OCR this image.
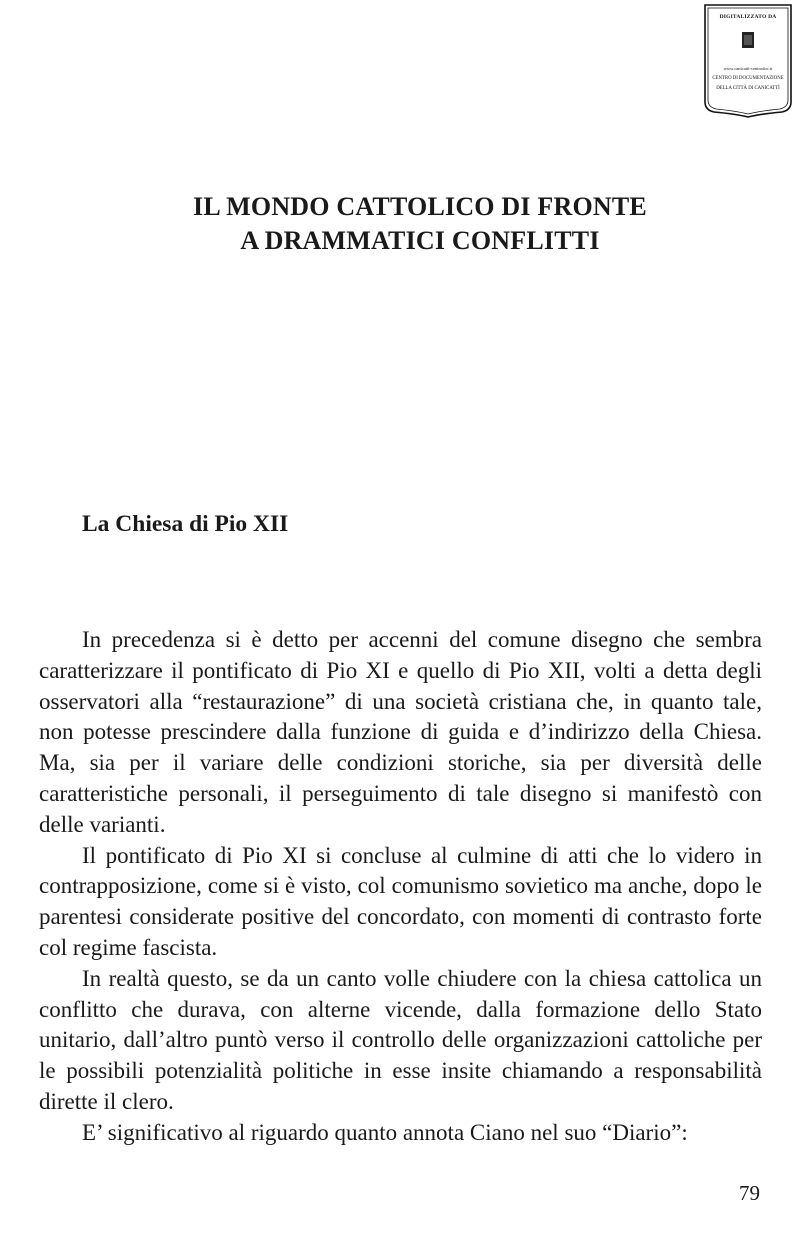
DIGITALIZZATO DA
www.canicatti-centrodoc.it
CENTRO DI DOCUMENTAZIONE
DELLA CITTÀ DI CANICATTÌ
IL MONDO CATTOLICO DI FRONTE
A DRAMMATICI CONFLITTI
La Chiesa di Pio XII

In precedenza si è detto per accenni del comune disegno che sembra caratterizzare il pontificato di Pio XI e quello di Pio XII, volti a detta degli osservatori alla “restaurazione” di una società cristiana che, in quanto tale, non potesse prescindere dalla funzione di guida e d’indirizzo della Chiesa. Ma, sia per il variare delle condizioni storiche, sia per diversità delle caratteristiche personali, il perseguimento di tale disegno si manifestò con delle varianti.

Il pontificato di Pio XI si concluse al culmine di atti che lo videro in contrapposizione, come si è visto, col comunismo sovietico ma anche, dopo le parentesi considerate positive del concordato, con momenti di contrasto forte col regime fascista.

In realtà questo, se da un canto volle chiudere con la chiesa cattolica un conflitto che durava, con alterne vicende, dalla formazione dello Stato unitario, dall’altro puntò verso il controllo delle organizzazioni cattoliche per le possibili potenzialità politiche in esse insite chiamando a responsabilità dirette il clero.

E’ significativo al riguardo quanto annota Ciano nel suo “Diario”:

79
